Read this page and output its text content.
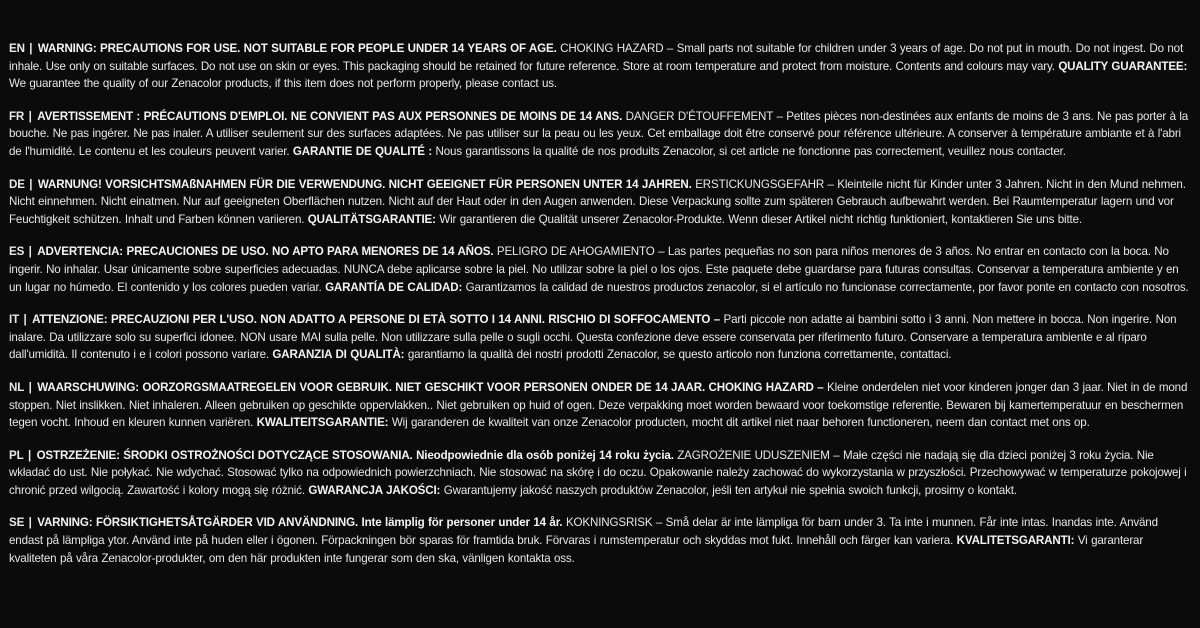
EN | WARNING: PRECAUTIONS FOR USE. NOT SUITABLE FOR PEOPLE UNDER 14 YEARS OF AGE. CHOKING HAZARD – Small parts not suitable for children under 3 years of age. Do not put in mouth. Do not ingest. Do not inhale. Use only on suitable surfaces. Do not use on skin or eyes. This packaging should be retained for future reference. Store at room temperature and protect from moisture. Contents and colours may vary. QUALITY GUARANTEE: We guarantee the quality of our Zenacolor products, if this item does not perform properly, please contact us.

FR | AVERTISSEMENT : PRÉCAUTIONS D'EMPLOI. NE CONVIENT PAS AUX PERSONNES DE MOINS DE 14 ANS. DANGER D'ÉTOUFFEMENT – Petites pièces non-destinées aux enfants de moins de 3 ans. Ne pas porter à la bouche. Ne pas ingérer. Ne pas inaler. A utiliser seulement sur des surfaces adaptées. Ne pas utiliser sur la peau ou les yeux. Cet emballage doit être conservé pour référence ultérieure. A conserver à température ambiante et à l'abri de l'humidité. Le contenu et les couleurs peuvent varier. GARANTIE DE QUALITÉ : Nous garantissons la qualité de nos produits Zenacolor, si cet article ne fonctionne pas correctement, veuillez nous contacter.

DE | WARNUNG! VORSICHTSMAßNAHMEN FÜR DIE VERWENDUNG. NICHT GEEIGNET FÜR PERSONEN UNTER 14 JAHREN. ERSTICKUNGSGEFAHR – Kleinteile nicht für Kinder unter 3 Jahren. Nicht in den Mund nehmen. Nicht einnehmen. Nicht einatmen. Nur auf geeigneten Oberflächen nutzen. Nicht auf der Haut oder in den Augen anwenden. Diese Verpackung sollte zum späteren Gebrauch aufbewahrt werden. Bei Raumtemperatur lagern und vor Feuchtigkeit schützen. Inhalt und Farben können variieren. QUALITÄTSGARANTIE: Wir garantieren die Qualität unserer Zenacolor-Produkte. Wenn dieser Artikel nicht richtig funktioniert, kontaktieren Sie uns bitte.

ES | ADVERTENCIA: PRECAUCIONES DE USO. NO APTO PARA MENORES DE 14 AÑOS. PELIGRO DE AHOGAMIENTO – Las partes pequeñas no son para niños menores de 3 años. No entrar en contacto con la boca. No ingerir. No inhalar. Usar únicamente sobre superficies adecuadas. NUNCA debe aplicarse sobre la piel. No utilizar sobre la piel o los ojos. Este paquete debe guardarse para futuras consultas. Conservar a temperatura ambiente y en un lugar no húmedo. El contenido y los colores pueden variar. GARANTÍA DE CALIDAD: Garantizamos la calidad de nuestros productos zenacolor, si el artículo no funcionase correctamente, por favor ponte en contacto con nosotros.

IT | ATTENZIONE: PRECAUZIONI PER L'USO. NON ADATTO A PERSONE DI ETÀ SOTTO I 14 ANNI. RISCHIO DI SOFFOCAMENTO – Parti piccole non adatte ai bambini sotto i 3 anni. Non mettere in bocca. Non ingerire. Non inalare. Da utilizzare solo su superfici idonee. NON usare MAI sulla pelle. Non utilizzare sulla pelle o sugli occhi. Questa confezione deve essere conservata per riferimento futuro. Conservare a temperatura ambiente e al riparo dall'umidità. Il contenuto i e i colori possono variare. GARANZIA DI QUALITÀ: garantiamo la qualità dei nostri prodotti Zenacolor, se questo articolo non funziona correttamente, contattaci.

NL | WAARSCHUWING: OORZORGSMAATREGELEN VOOR GEBRUIK. NIET GESCHIKT VOOR PERSONEN ONDER DE 14 JAAR. CHOKING HAZARD – Kleine onderdelen niet voor kinderen jonger dan 3 jaar. Niet in de mond stoppen. Niet inslikken. Niet inhaleren. Alleen gebruiken op geschikte oppervlakken.. Niet gebruiken op huid of ogen. Deze verpakking moet worden bewaard voor toekomstige referentie. Bewaren bij kamertemperatuur en beschermen tegen vocht. Inhoud en kleuren kunnen variëren. KWALITEITSGARANTIE: Wij garanderen de kwaliteit van onze Zenacolor producten, mocht dit artikel niet naar behoren functioneren, neem dan contact met ons op.

PL | OSTRZEŻENIE: ŚRODKI OSTROŻNOŚCI DOTYCZĄCE STOSOWANIA. Nieodpowiednie dla osób poniżej 14 roku życia. ZAGROŻENIE UDUSZENIEM – Małe części nie nadają się dla dzieci poniżej 3 roku życia. Nie wkładać do ust. Nie połykać. Nie wdychać. Stosować tylko na odpowiednich powierzchniach. Nie stosować na skórę i do oczu. Opakowanie należy zachować do wykorzystania w przyszłości. Przechowywać w temperaturze pokojowej i chronić przed wilgocią. Zawartość i kolory mogą się różnić. GWARANCJA JAKOŚCI: Gwarantujemy jakość naszych produktów Zenacolor, jeśli ten artykuł nie spełnia swoich funkcji, prosimy o kontakt.

SE | VARNING: FÖRSIKTIGHETSÅTGÄRDER VID ANVÄNDNING. Inte lämplig för personer under 14 år. KOKNINGSRISK – Små delar är inte lämpliga för barn under 3. Ta inte i munnen. Får inte intas. Inandas inte. Använd endast på lämpliga ytor. Använd inte på huden eller i ögonen. Förpackningen bör sparas för framtida bruk. Förvaras i rumstemperatur och skyddas mot fukt. Innehåll och färger kan variera. KVALITETSGARANTI: Vi garanterar kvaliteten på våra Zenacolor-produkter, om den här produkten inte fungerar som den ska, vänligen kontakta oss.
